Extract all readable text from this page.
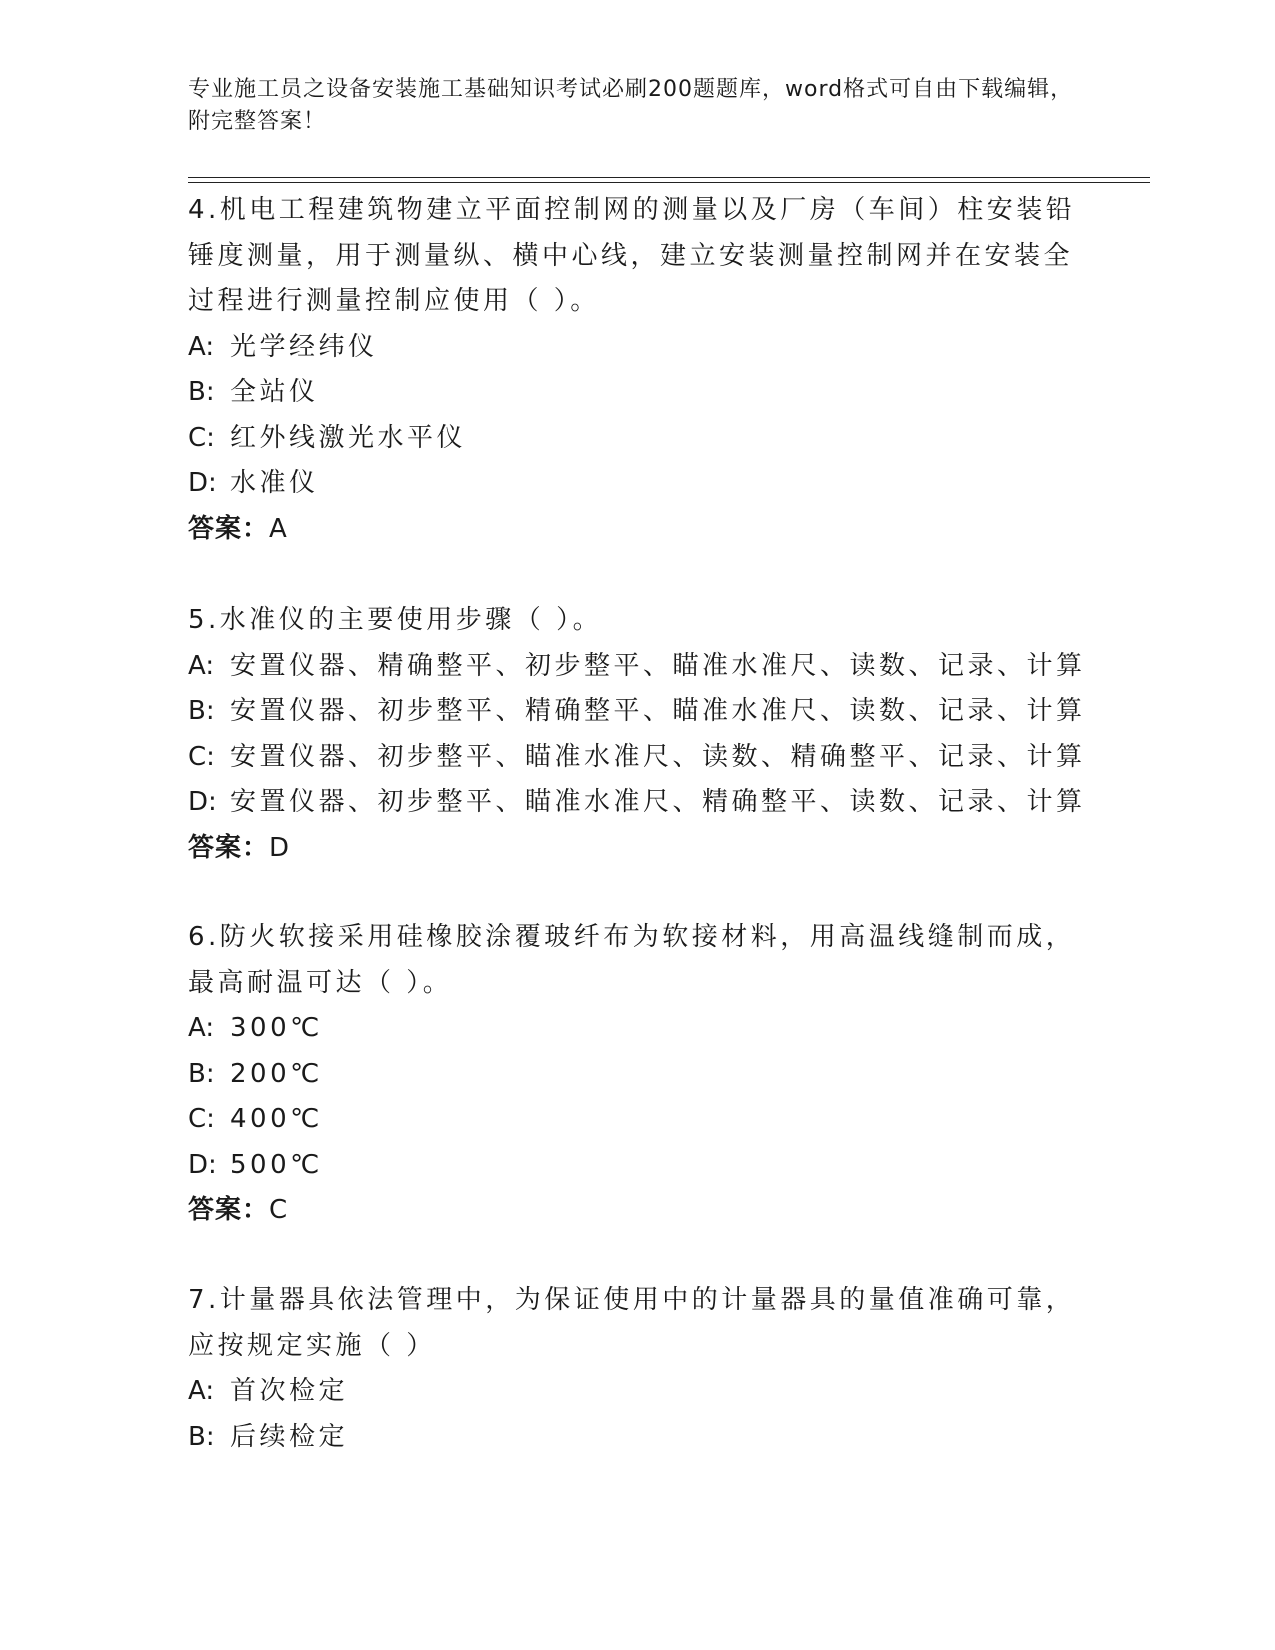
专业施工员之设备安装施工基础知识考试必刷200题题库，word格式可自由下载编辑，附完整答案！

4.机电工程建筑物建立平面控制网的测量以及厂房（车间）柱安装铅锤度测量，用于测量纵、横中心线，建立安装测量控制网并在安装全过程进行测量控制应使用（ ）。

A: 光学经纬仪

B: 全站仪

C: 红外线激光水平仪

D: 水准仪

答案：A

5.水准仪的主要使用步骤（ ）。

A: 安置仪器、精确整平、初步整平、瞄准水准尺、读数、记录、计算

B: 安置仪器、初步整平、精确整平、瞄准水准尺、读数、记录、计算

C: 安置仪器、初步整平、瞄准水准尺、读数、精确整平、记录、计算

D: 安置仪器、初步整平、瞄准水准尺、精确整平、读数、记录、计算

答案：D

6.防火软接采用硅橡胶涂覆玻纤布为软接材料，用高温线缝制而成，最高耐温可达（ ）。

A: 300℃

B: 200℃

C: 400℃

D: 500℃

答案：C

7.计量器具依法管理中，为保证使用中的计量器具的量值准确可靠，应按规定实施（ ）

A: 首次检定

B: 后续检定
